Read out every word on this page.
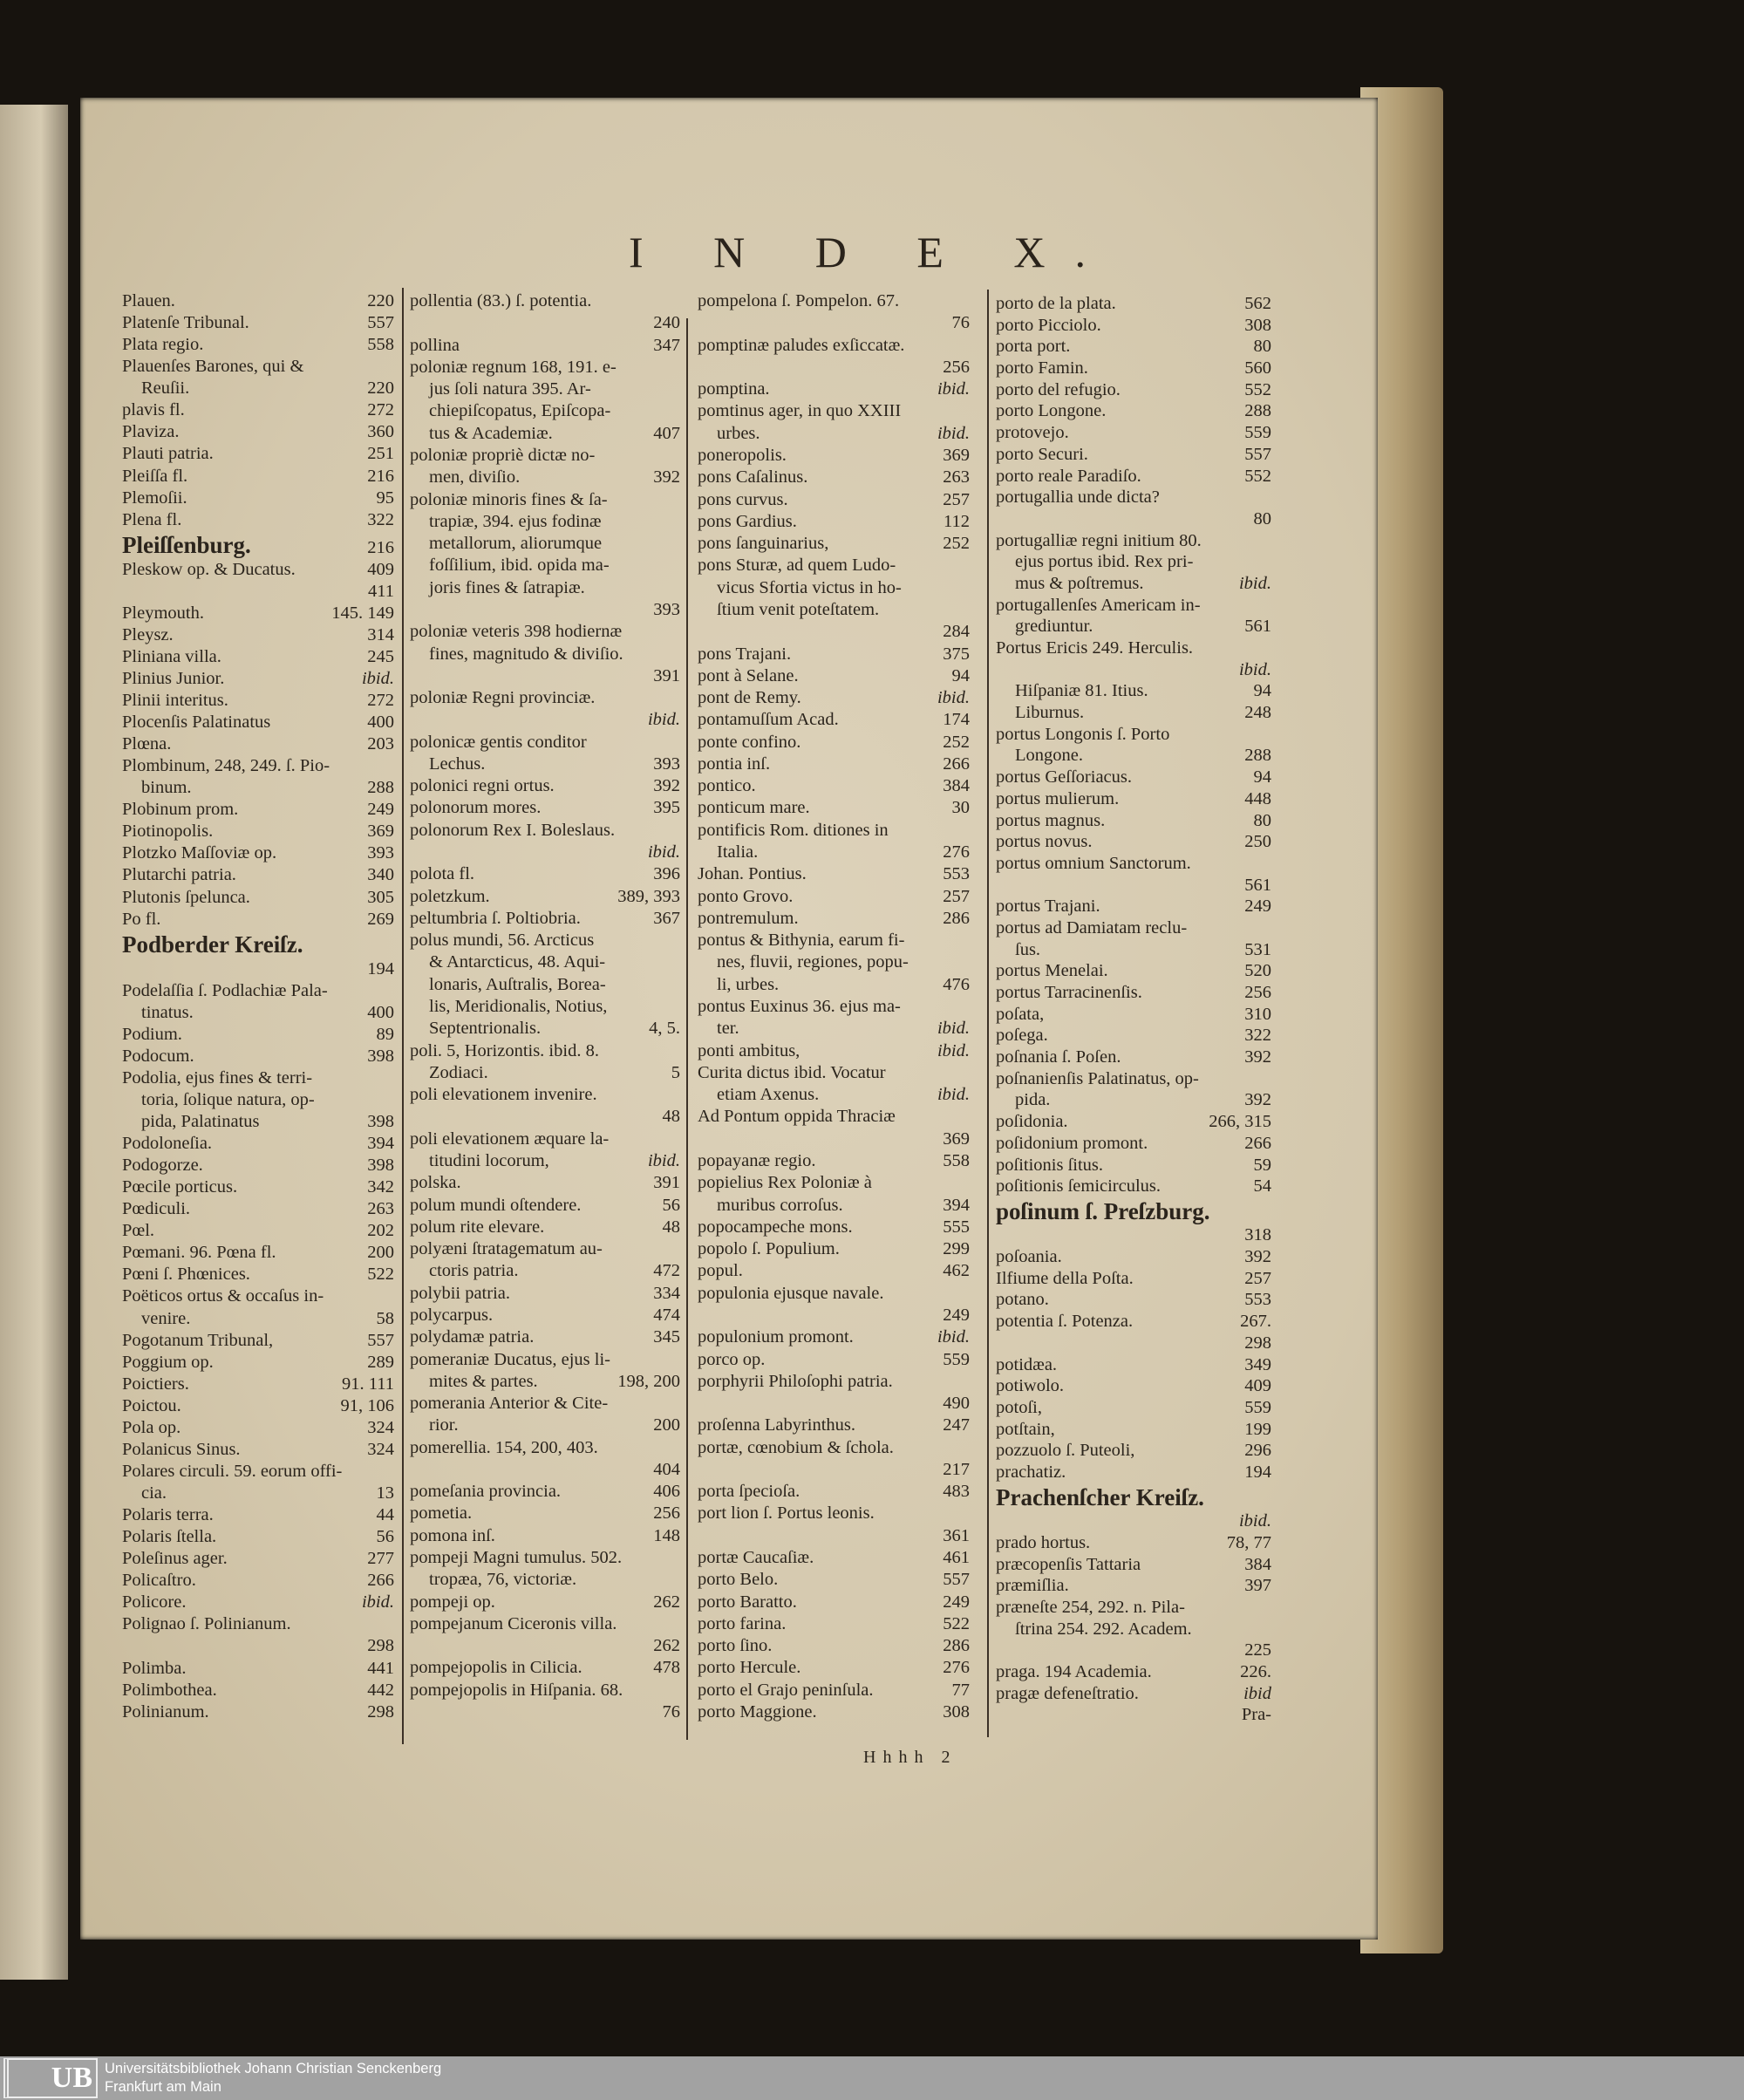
I N D E X.
Plauen.	220
Platenſe Tribunal.	557
Plata regio.	558
Plauenſes Barones, qui &
Reuſii.	220
plavis fl.	272
Plaviza.	360
Plauti patria.	251
Pleiſſa fl.	216
Plemoſii.	95
Plena fl.	322
Pleiſſenburg.	216
Pleskow op. & Ducatus.	409
411
Pleymouth.	145. 149
Pleysz.	314
Pliniana villa.	245
Plinius Junior.	ibid.
Plinii interitus.	272
Plocenſis Palatinatus	400
Plœna.	203
Plombinum, 248, 249. ſ. Pio-
binum.	288
Plobinum prom.	249
Piotinopolis.	369
Plotzko Maſſoviæ op.	393
Plutarchi patria.	340
Plutonis ſpelunca.	305
Po fl.	269
Podberder Kreiſz.
194
Podelaſſia ſ. Podlachiæ Pala-
tinatus.	400
Podium.	89
Podocum.	398
Podolia, ejus fines & terri-
toria, ſolique natura, op-
pida, Palatinatus	398
Podoloneſia.	394
Podogorze.	398
Pœcile porticus.	342
Pœdiculi.	263
Pœl.	202
Pœmani. 96. Pœna fl.	200
Pœni ſ. Phœnices.	522
Poëticos ortus & occaſus in-
venire.	58
Pogotanum Tribunal,	557
Poggium op.	289
Poictiers.	91. 111
Poictou.	91, 106
Pola op.	324
Polanicus Sinus.	324
Polares circuli. 59. eorum offi-
cia.	13
Polaris terra.	44
Polaris ſtella.	56
Poleſinus ager.	277
Policaſtro.	266
Policore.	ibid.
Polignao ſ. Polinianum.
298
Polimba.	441
Polimbothea.	442
Polinianum.	298
pollentia (83.) ſ. potentia.
240
pollina	347
poloniæ regnum 168, 191. e-
jus ſoli natura 395. Ar-
chiepiſcopatus, Epiſcopa-
tus & Academiæ.	407
poloniæ propriè dictæ no-
men, diviſio.	392
poloniæ minoris fines & ſa-
trapiæ, 394. ejus fodinæ
metallorum, aliorumque
foſſilium, ibid. opida ma-
joris fines & ſatrapiæ.
393
poloniæ veteris 398 hodiernæ
fines, magnitudo & diviſio.
391
poloniæ Regni provinciæ.
ibid.
polonicæ gentis conditor
Lechus.	393
polonici regni ortus.	392
polonorum mores.	395
polonorum Rex I. Boleslaus.
ibid.
polota fl.	396
poletzkum.	389, 393
peltumbria ſ. Poltiobria.	367
polus mundi, 56. Arcticus
& Antarcticus, 48. Aqui-
lonaris, Auſtralis, Borea-
lis, Meridionalis, Notius,
Septentrionalis.	4, 5.
poli. 5, Horizontis. ibid. 8.
Zodiaci.	5
poli elevationem invenire.
48
poli elevationem æquare la-
titudini locorum,	ibid.
polska.	391
polum mundi oſtendere.	56
polum rite elevare.	48
polyæni ſtratagematum au-
ctoris patria.	472
polybii patria.	334
polycarpus.	474
polydamæ patria.	345
pomeraniæ Ducatus, ejus li-
mites & partes.	198, 200
pomerania Anterior & Cite-
rior.	200
pomerellia. 154, 200, 403.
404
pomeſania provincia.	406
pometia.	256
pomona inſ.	148
pompeji Magni tumulus. 502.
tropæa, 76, victoriæ.
pompeji op.	262
pompejanum Ciceronis villa.
262
pompejopolis in Cilicia.	478
pompejopolis in Hiſpania. 68.
76
pompelona ſ. Pompelon. 67.
76
pomptinæ paludes exſiccatæ.
256
pomptina.	ibid.
pomtinus ager, in quo XXIII
urbes.	ibid.
poneropolis.	369
pons Caſalinus.	263
pons curvus.	257
pons Gardius.	112
pons ſanguinarius,	252
pons Sturæ, ad quem Ludo-
vicus Sfortia victus in ho-
ſtium venit poteſtatem.
284
pons Trajani.	375
pont à Selane.	94
pont de Remy.	ibid.
pontamuſſum Acad.	174
ponte confino.	252
pontia inſ.	266
pontico.	384
ponticum mare.	30
pontificis Rom. ditiones in
Italia.	276
Johan. Pontius.	553
ponto Grovo.	257
pontremulum.	286
pontus & Bithynia, earum fi-
nes, fluvii, regiones, popu-
li, urbes.	476
pontus Euxinus 36. ejus ma-
ter.	ibid.
ponti ambitus,	ibid.
Curita dictus ibid. Vocatur
etiam Axenus.	ibid.
Ad Pontum oppida Thraciæ
369
popayanæ regio.	558
popielius Rex Poloniæ à
muribus corroſus.	394
popocampeche mons.	555
popolo ſ. Populium.	299
popul.	462
populonia ejusque navale.
249
populonium promont.	ibid.
porco op.	559
porphyrii Philoſophi patria.
490
proſenna Labyrinthus.	247
portæ, cœnobium & ſchola.
217
porta ſpecioſa.	483
port lion ſ. Portus leonis.
361
portæ Caucaſiæ.	461
porto Belo.	557
porto Baratto.	249
porto farina.	522
porto ſino.	286
porto Hercule.	276
porto el Grajo peninſula.	77
porto Maggione.	308
porto de la plata.	562
porto Picciolo.	308
porta port.	80
porto Famin.	560
porto del refugio.	552
porto Longone.	288
protovejo.	559
porto Securi.	557
porto reale Paradiſo.	552
portugallia unde dicta?
80
portugalliæ regni initium 80.
ejus portus ibid. Rex pri-
mus & poſtremus.	ibid.
portugallenſes Americam in-
grediuntur.	561
Portus Ericis 249. Herculis.
ibid.
Hiſpaniæ 81. Itius.	94
Liburnus.	248
portus Longonis ſ. Porto
Longone.	288
portus Geſſoriacus.	94
portus mulierum.	448
portus magnus.	80
portus novus.	250
portus omnium Sanctorum.
561
portus Trajani.	249
portus ad Damiatam reclu-
ſus.	531
portus Menelai.	520
portus Tarracinenſis.	256
poſata,	310
poſega.	322
poſnania ſ. Poſen.	392
poſnanienſis Palatinatus, op-
pida.	392
poſidonia.	266, 315
poſidonium promont.	266
poſitionis ſitus.	59
poſitionis ſemicirculus.	54
poſinum ſ. Preſzburg.
318
poſoania.	392
Ilfiume della Poſta.	257
potano.	553
potentia ſ. Potenza.	267.
298
potidæa.	349
potiwolo.	409
potoſi,	559
potſtain,	199
pozzuolo ſ. Puteoli,	296
prachatiz.	194
Prachenſcher Kreiſz.
ibid.
prado hortus.	78, 77
præcopenſis Tattaria	384
præmiſlia.	397
præneſte 254, 292. n. Pila-
ſtrina 254. 292. Academ.
225
praga. 194 Academia.	226.
pragæ defeneſtratio.	ibid
Pra-
Hhhh 2
UB Universitätsbibliothek Johann Christian Senckenberg
Frankfurt am Main
